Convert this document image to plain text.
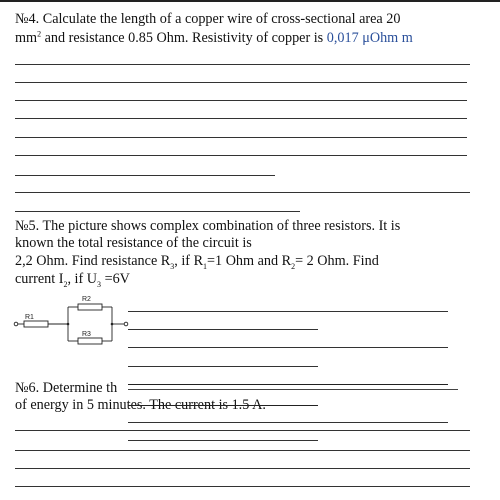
№4. Calculate the length of a copper wire of cross-sectional area 20
$mm^2$ and resistance 0.85 Ohm. Resistivity of copper is 0,017 μOhm m
№5. The picture shows complex combination of three resistors. It is
known the total resistance of the circuit is
2,2 Ohm. Find resistance $R_3$, if $R_1=1$ Ohm and $R_2= 2$ Ohm. Find
current $I_2$, if $U_3 =6V$
R1
R2
R3
№6. Determine th
of energy in 5 minutes. The current is 1.5 A.
